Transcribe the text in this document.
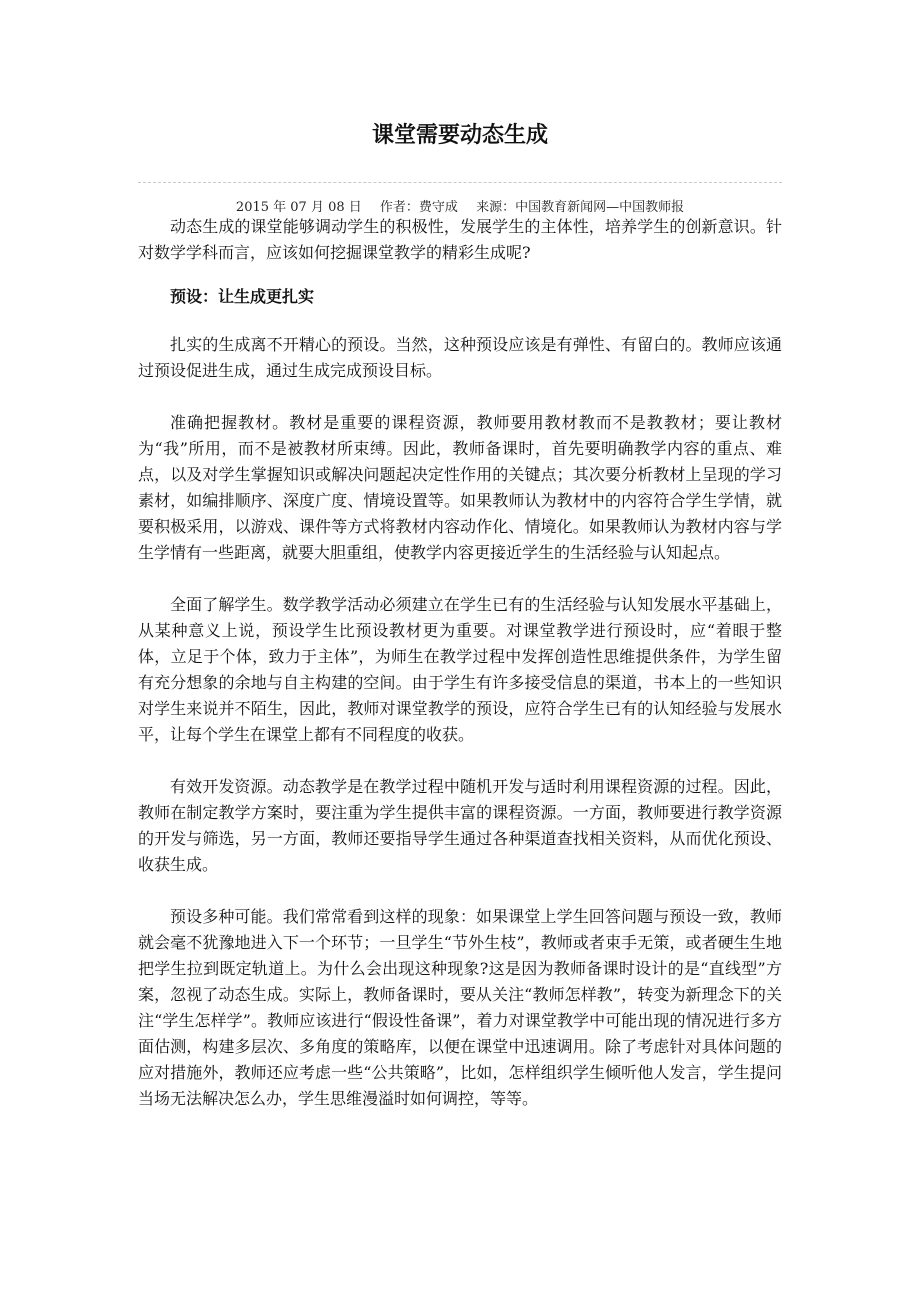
课堂需要动态生成
2015 年 07 月 08 日 作者：费守成 来源：中国教育新闻网—中国教师报

动态生成的课堂能够调动学生的积极性，发展学生的主体性，培养学生的创新意识。针对数学学科而言，应该如何挖掘课堂教学的精彩生成呢?

预设：让生成更扎实

扎实的生成离不开精心的预设。当然，这种预设应该是有弹性、有留白的。教师应该通过预设促进生成，通过生成完成预设目标。

准确把握教材。教材是重要的课程资源，教师要用教材教而不是教教材；要让教材为“我”所用，而不是被教材所束缚。因此，教师备课时，首先要明确教学内容的重点、难点，以及对学生掌握知识或解决问题起决定性作用的关键点；其次要分析教材上呈现的学习素材，如编排顺序、深度广度、情境设置等。如果教师认为教材中的内容符合学生学情，就要积极采用，以游戏、课件等方式将教材内容动作化、情境化。如果教师认为教材内容与学生学情有一些距离，就要大胆重组，使教学内容更接近学生的生活经验与认知起点。

全面了解学生。数学教学活动必须建立在学生已有的生活经验与认知发展水平基础上，从某种意义上说，预设学生比预设教材更为重要。对课堂教学进行预设时，应“着眼于整体，立足于个体，致力于主体”，为师生在教学过程中发挥创造性思维提供条件，为学生留有充分想象的余地与自主构建的空间。由于学生有许多接受信息的渠道，书本上的一些知识对学生来说并不陌生，因此，教师对课堂教学的预设，应符合学生已有的认知经验与发展水平，让每个学生在课堂上都有不同程度的收获。

有效开发资源。动态教学是在教学过程中随机开发与适时利用课程资源的过程。因此，教师在制定教学方案时，要注重为学生提供丰富的课程资源。一方面，教师要进行教学资源的开发与筛选，另一方面，教师还要指导学生通过各种渠道查找相关资料，从而优化预设、收获生成。

预设多种可能。我们常常看到这样的现象：如果课堂上学生回答问题与预设一致，教师就会毫不犹豫地进入下一个环节；一旦学生“节外生枝”，教师或者束手无策，或者硬生生地把学生拉到既定轨道上。为什么会出现这种现象?这是因为教师备课时设计的是“直线型”方案，忽视了动态生成。实际上，教师备课时，要从关注“教师怎样教”，转变为新理念下的关注“学生怎样学”。教师应该进行“假设性备课”，着力对课堂教学中可能出现的情况进行多方面估测，构建多层次、多角度的策略库，以便在课堂中迅速调用。除了考虑针对具体问题的应对措施外，教师还应考虑一些“公共策略”，比如，怎样组织学生倾听他人发言，学生提问当场无法解决怎么办，学生思维漫溢时如何调控，等等。
